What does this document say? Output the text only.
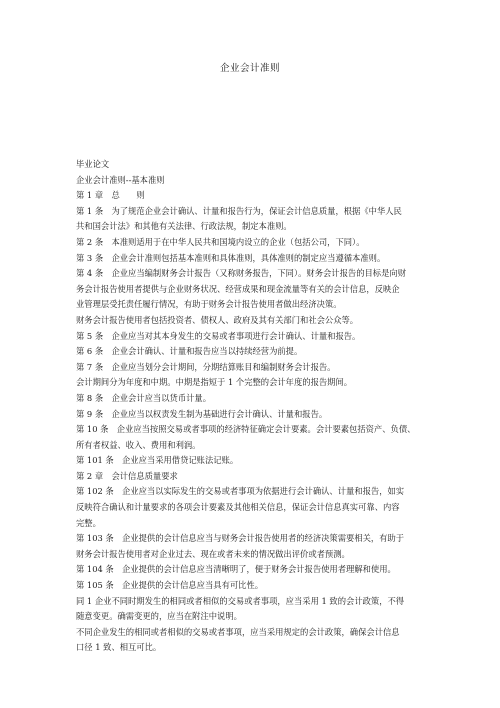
企业会计准则
毕业论文
企业会计准则--基本准则
第 1 章　总　　则
第 1 条　为了规范企业会计确认、计量和报告行为，保证会计信息质量，根据《中华人民
共和国会计法》和其他有关法律、行政法规，制定本准则。
第 2 条　本准则适用于在中华人民共和国境内设立的企业（包括公司，下同）。
第 3 条　企业会计准则包括基本准则和具体准则，具体准则的制定应当遵循本准则。
第 4 条　企业应当编制财务会计报告（又称财务报告，下同）。财务会计报告的目标是向财
务会计报告使用者提供与企业财务状况、经营成果和现金流量等有关的会计信息，反映企
业管理层受托责任履行情况，有助于财务会计报告使用者做出经济决策。
财务会计报告使用者包括投资者、债权人、政府及其有关部门和社会公众等。
第 5 条　企业应当对其本身发生的交易或者事项进行会计确认、计量和报告。
第 6 条　企业会计确认、计量和报告应当以持续经营为前提。
第 7 条　企业应当划分会计期间，分期结算账目和编制财务会计报告。
会计期间分为年度和中期。中期是指短于 1 个完整的会计年度的报告期间。
第 8 条　企业会计应当以货币计量。
第 9 条　企业应当以权责发生制为基础进行会计确认、计量和报告。
第 10 条　企业应当按照交易或者事项的经济特征确定会计要素。会计要素包括资产、负债、
所有者权益、收入、费用和利润。
第 101 条　企业应当采用借贷记账法记账。
第 2 章　会计信息质量要求
第 102 条　企业应当以实际发生的交易或者事项为依据进行会计确认、计量和报告，如实
反映符合确认和计量要求的各项会计要素及其他相关信息，保证会计信息真实可靠、内容
完整。
第 103 条　企业提供的会计信息应当与财务会计报告使用者的经济决策需要相关，有助于
财务会计报告使用者对企业过去、现在或者未来的情况做出评价或者预测。
第 104 条　企业提供的会计信息应当清晰明了，便于财务会计报告使用者理解和使用。
第 105 条　企业提供的会计信息应当具有可比性。
同 1 企业不同时期发生的相同或者相似的交易或者事项，应当采用 1 致的会计政策，不得
随意变更。确需变更的，应当在附注中说明。
不同企业发生的相同或者相似的交易或者事项，应当采用规定的会计政策，确保会计信息
口径 1 致、相互可比。
